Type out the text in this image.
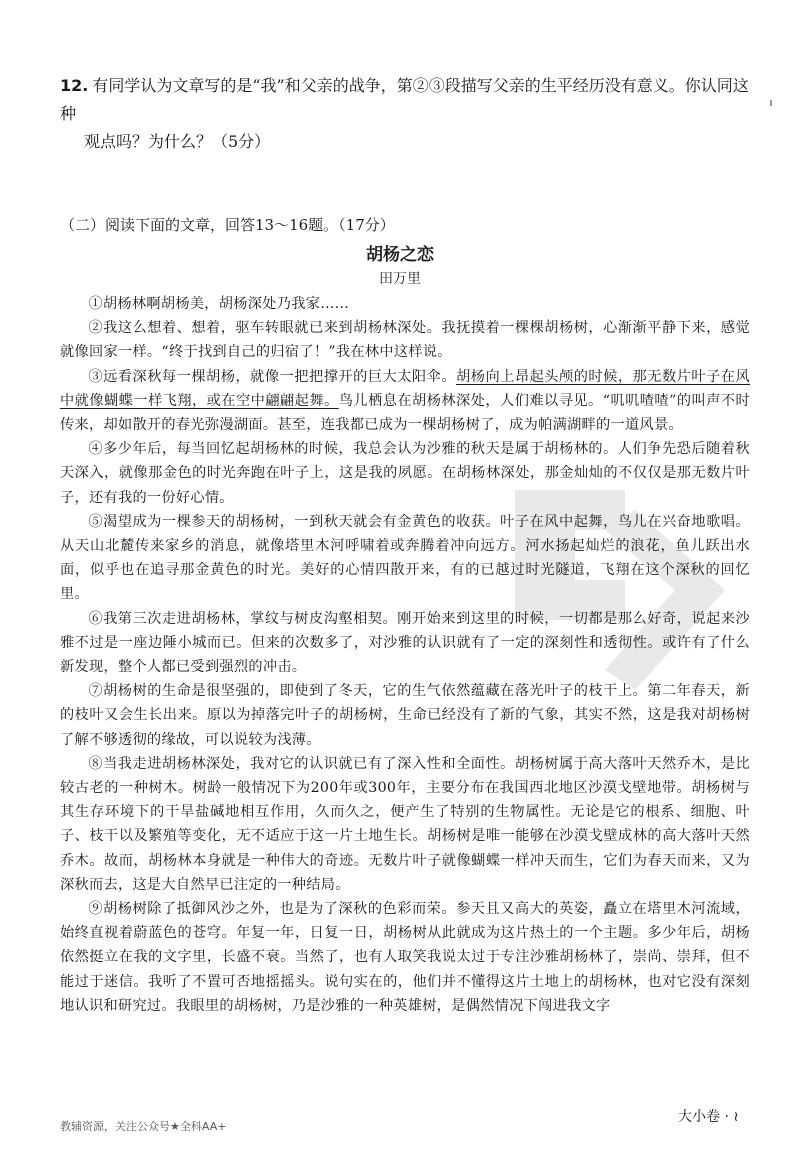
12. 有同学认为文章写的是“我”和父亲的战争，第②③段描写父亲的生平经历没有意义。你认同这种
观点吗？为什么？（5分）
（二）阅读下面的文章，回答13～16题。（17分）
胡杨之恋
田万里

①胡杨林啊胡杨美，胡杨深处乃我家……

②我这么想着、想着，驱车转眼就已来到胡杨林深处。我抚摸着一棵棵胡杨树，心渐渐平静下来，感觉就像回家一样。“终于找到自己的归宿了！”我在林中这样说。

③远看深秋每一棵胡杨，就像一把把撑开的巨大太阳伞。胡杨向上昂起头颅的时候，那无数片叶子在风中就像蝴蝶一样飞翔，或在空中翩翩起舞。鸟儿栖息在胡杨林深处，人们难以寻见。“叽叽喳喳”的叫声不时传来，却如散开的春光弥漫湖面。甚至，连我都已成为一棵胡杨树了，成为帕满湖畔的一道风景。

④多少年后，每当回忆起胡杨林的时候，我总会认为沙雅的秋天是属于胡杨林的。人们争先恐后随着秋天深入，就像那金色的时光奔跑在叶子上，这是我的夙愿。在胡杨林深处，那金灿灿的不仅仅是那无数片叶子，还有我的一份好心情。

⑤渴望成为一棵参天的胡杨树，一到秋天就会有金黄色的收获。叶子在风中起舞，鸟儿在兴奋地歌唱。从天山北麓传来家乡的消息，就像塔里木河呼啸着或奔腾着冲向远方。河水扬起灿烂的浪花，鱼儿跃出水面，似乎也在追寻那金黄色的时光。美好的心情四散开来，有的已越过时光隧道，飞翔在这个深秋的回忆里。

⑥我第三次走进胡杨林，掌纹与树皮沟壑相契。刚开始来到这里的时候，一切都是那么好奇，说起来沙雅不过是一座边陲小城而已。但来的次数多了，对沙雅的认识就有了一定的深刻性和透彻性。或许有了什么新发现，整个人都已受到强烈的冲击。

⑦胡杨树的生命是很坚强的，即使到了冬天，它的生气依然蕴藏在落光叶子的枝干上。第二年春天，新的枝叶又会生长出来。原以为掉落完叶子的胡杨树，生命已经没有了新的气象，其实不然，这是我对胡杨树了解不够透彻的缘故，可以说较为浅薄。

⑧当我走进胡杨林深处，我对它的认识就已有了深入性和全面性。胡杨树属于高大落叶天然乔木，是比较古老的一种树木。树龄一般情况下为200年或300年，主要分布在我国西北地区沙漠戈壁地带。胡杨树与其生存环境下的干旱盐碱地相互作用，久而久之，便产生了特别的生物属性。无论是它的根系、细胞、叶子、枝干以及繁殖等变化，无不适应于这一片土地生长。胡杨树是唯一能够在沙漠戈壁成林的高大落叶天然乔木。故而，胡杨林本身就是一种伟大的奇迹。无数片叶子就像蝴蝶一样冲天而生，它们为春天而来，又为深秋而去，这是大自然早已注定的一种结局。

⑨胡杨树除了抵御风沙之外，也是为了深秋的色彩而荣。参天且又高大的英姿，矗立在塔里木河流域，始终直视着蔚蓝色的苍穹。年复一年，日复一日，胡杨树从此就成为这片热土的一个主题。多少年后，胡杨依然挺立在我的文字里，长盛不衰。当然了，也有人取笑我说太过于专注沙雅胡杨林了，崇尚、崇拜，但不能过于迷信。我听了不置可否地摇摇头。说句实在的，他们并不懂得这片土地上的胡杨林，也对它没有深刻地认识和研究过。我眼里的胡杨树，乃是沙雅的一种英雄树，是偶然情况下闯进我文字

教辅资源，关注公众号★全科AA+
大小卷 · ≀
